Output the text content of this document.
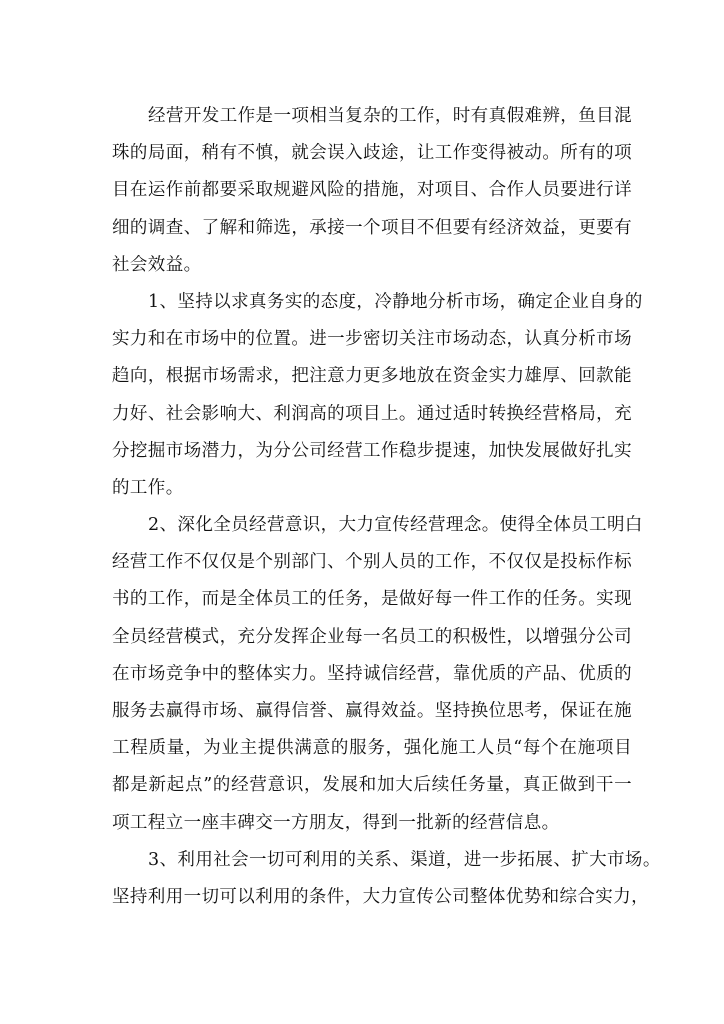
经营开发工作是一项相当复杂的工作，时有真假难辨，鱼目混
珠的局面，稍有不慎，就会误入歧途，让工作变得被动。所有的项
目在运作前都要采取规避风险的措施，对项目、合作人员要进行详
细的调查、了解和筛选，承接一个项目不但要有经济效益，更要有
社会效益。
1、坚持以求真务实的态度，冷静地分析市场，确定企业自身的
实力和在市场中的位置。进一步密切关注市场动态，认真分析市场
趋向，根据市场需求，把注意力更多地放在资金实力雄厚、回款能
力好、社会影响大、利润高的项目上。通过适时转换经营格局，充
分挖掘市场潜力，为分公司经营工作稳步提速，加快发展做好扎实
的工作。
2、深化全员经营意识，大力宣传经营理念。使得全体员工明白
经营工作不仅仅是个别部门、个别人员的工作，不仅仅是投标作标
书的工作，而是全体员工的任务，是做好每一件工作的任务。实现
全员经营模式，充分发挥企业每一名员工的积极性，以增强分公司
在市场竞争中的整体实力。坚持诚信经营，靠优质的产品、优质的
服务去赢得市场、赢得信誉、赢得效益。坚持换位思考，保证在施
工程质量，为业主提供满意的服务，强化施工人员“每个在施项目
都是新起点”的经营意识，发展和加大后续任务量，真正做到干一
项工程立一座丰碑交一方朋友，得到一批新的经营信息。
3、利用社会一切可利用的关系、渠道，进一步拓展、扩大市场。
坚持利用一切可以利用的条件，大力宣传公司整体优势和综合实力，
